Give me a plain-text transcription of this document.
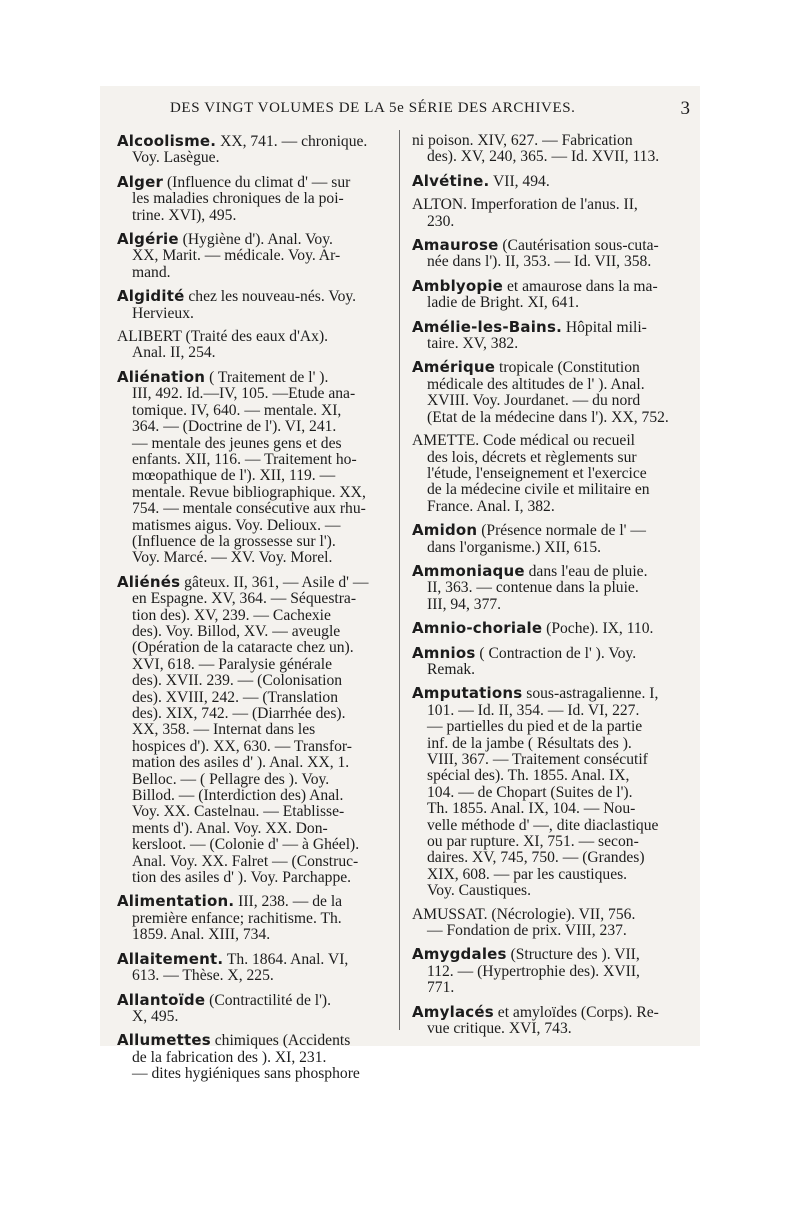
DES VINGT VOLUMES DE LA 5e SÉRIE DES ARCHIVES.	3
Alcoolisme. XX, 741. — chronique.
Voy. Lasègue.
Alger (Influence du climat d' — sur
les maladies chroniques de la poi-
trine. XVI), 495.
Algérie (Hygiène d'). Anal. Voy.
XX, Marit. — médicale. Voy. Ar-
mand.
Algidité chez les nouveau-nés. Voy.
Hervieux.
ALIBERT (Traité des eaux d'Ax).
Anal. II, 254.
Aliénation ( Traitement de l' ).
III, 492. Id.—IV, 105. —Etude ana-
tomique. IV, 640. — mentale. XI,
364. — (Doctrine de l'). VI, 241.
— mentale des jeunes gens et des
enfants. XII, 116. — Traitement ho-
mœopathique de l'). XII, 119. —
mentale. Revue bibliographique. XX,
754. — mentale consécutive aux rhu-
matismes aigus. Voy. Delioux. —
(Influence de la grossesse sur l').
Voy. Marcé. — XV. Voy. Morel.
Aliénés gâteux. II, 361, — Asile d' —
en Espagne. XV, 364. — Séquestra-
tion des). XV, 239. — Cachexie
des). Voy. Billod, XV. — aveugle
(Opération de la cataracte chez un).
XVI, 618. — Paralysie générale
des). XVII. 239. — (Colonisation
des). XVIII, 242. — (Translation
des). XIX, 742. — (Diarrhée des).
XX, 358. — Internat dans les
hospices d'). XX, 630. — Transfor-
mation des asiles d' ). Anal. XX, 1.
Belloc. — ( Pellagre des ). Voy.
Billod. — (Interdiction des) Anal.
Voy. XX. Castelnau. — Etablisse-
ments d'). Anal. Voy. XX. Don-
kersloot. — (Colonie d' — à Ghéel).
Anal. Voy. XX. Falret — (Construc-
tion des asiles d' ). Voy. Parchappe.
Alimentation. III, 238. — de la
première enfance; rachitisme. Th.
1859. Anal. XIII, 734.
Allaitement. Th. 1864. Anal. VI,
613. — Thèse. X, 225.
Allantoïde (Contractilité de l').
X, 495.
Allumettes chimiques (Accidents
de la fabrication des ). XI, 231.
— dites hygiéniques sans phosphore
ni poison. XIV, 627. — Fabrication
des). XV, 240, 365. — Id. XVII, 113.
Alvétine. VII, 494.
ALTON. Imperforation de l'anus. II,
230.
Amaurose (Cautérisation sous-cuta-
née dans l'). II, 353. — Id. VII, 358.
Amblyopie et amaurose dans la ma-
ladie de Bright. XI, 641.
Amélie-les-Bains. Hôpital mili-
taire. XV, 382.
Amérique tropicale (Constitution
médicale des altitudes de l' ). Anal.
XVIII. Voy. Jourdanet. — du nord
(Etat de la médecine dans l'). XX, 752.
AMETTE. Code médical ou recueil
des lois, décrets et règlements sur
l'étude, l'enseignement et l'exercice
de la médecine civile et militaire en
France. Anal. I, 382.
Amidon (Présence normale de l' —
dans l'organisme.) XII, 615.
Ammoniaque dans l'eau de pluie.
II, 363. — contenue dans la pluie.
III, 94, 377.
Amnio-choriale (Poche). IX, 110.
Amnios ( Contraction de l' ). Voy.
Remak.
Amputations sous-astragalienne. I,
101. — Id. II, 354. — Id. VI, 227.
— partielles du pied et de la partie
inf. de la jambe ( Résultats des ).
VIII, 367. — Traitement consécutif
spécial des). Th. 1855. Anal. IX,
104. — de Chopart (Suites de l').
Th. 1855. Anal. IX, 104. — Nou-
velle méthode d' —, dite diaclastique
ou par rupture. XI, 751. — secon-
daires. XV, 745, 750. — (Grandes)
XIX, 608. — par les caustiques.
Voy. Caustiques.
AMUSSAT. (Nécrologie). VII, 756.
— Fondation de prix. VIII, 237.
Amygdales (Structure des ). VII,
112. — (Hypertrophie des). XVII,
771.
Amylacés et amyloïdes (Corps). Re-
vue critique. XVI, 743.
